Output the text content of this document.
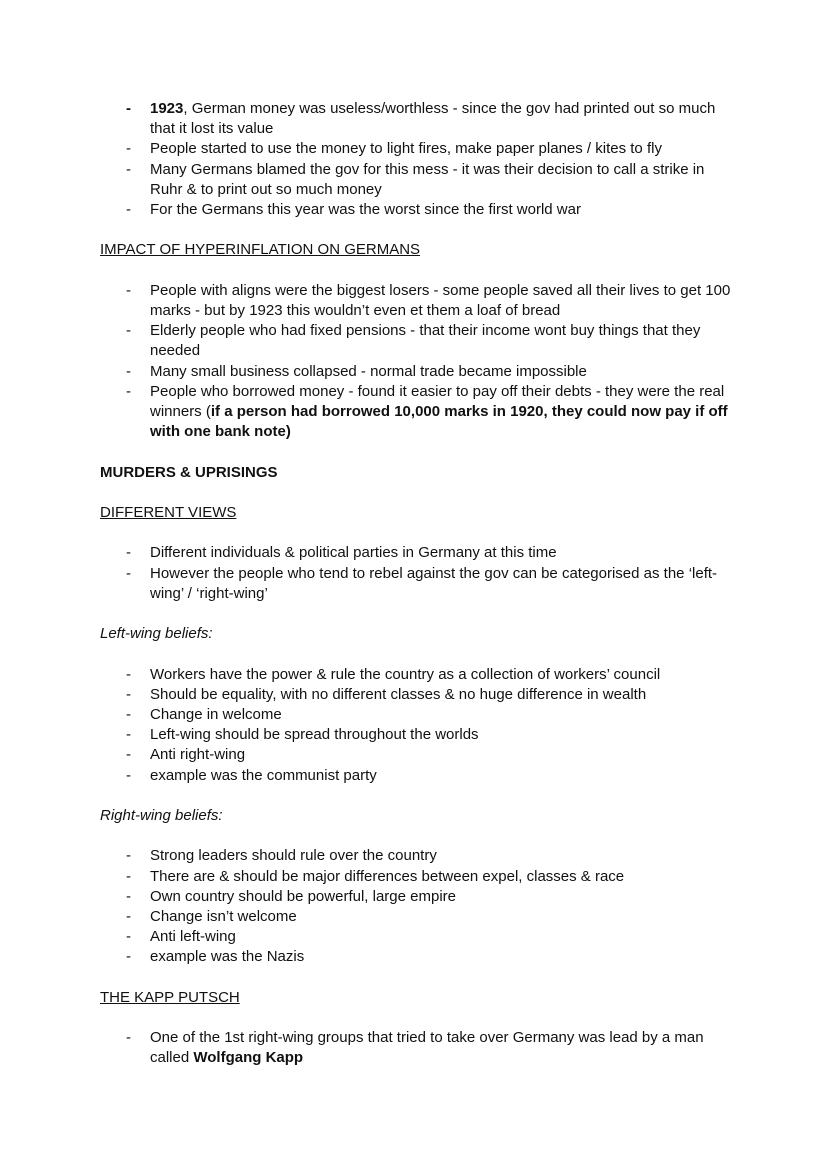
- 1923, German money was useless/worthless - since the gov had printed out so much that it lost its value
- People started to use the money to light fires, make paper planes / kites to fly
- Many Germans blamed the gov for this mess - it was their decision to call a strike in Ruhr & to print out so much money
- For the Germans this year was the worst since the first world war
IMPACT OF HYPERINFLATION ON GERMANS
- People with aligns were the biggest losers - some people saved all their lives to get 100 marks - but by 1923 this wouldn’t even et them a loaf of bread
- Elderly people who had fixed pensions - that their income wont buy things that they needed
- Many small business collapsed - normal trade became impossible
- People who borrowed money - found it easier to pay off their debts - they were the real winners (if a person had borrowed 10,000 marks in 1920, they could now pay if off with one bank note)
MURDERS & UPRISINGS
DIFFERENT VIEWS
- Different individuals & political parties in Germany at this time
- However the people who tend to rebel against the gov can be categorised as the ‘left-wing’ / ‘right-wing’
Left-wing beliefs:
- Workers have the power & rule the country as a collection of workers’ council
- Should be equality, with no different classes & no huge difference in wealth
- Change in welcome
- Left-wing should be spread throughout the worlds
- Anti right-wing
- example was the communist party
Right-wing beliefs:
- Strong leaders should rule over the country
- There are & should be major differences between expel, classes & race
- Own country should be powerful, large empire
- Change isn’t welcome
- Anti left-wing
- example was the Nazis
THE KAPP PUTSCH
- One of the 1st right-wing groups that tried to take over Germany was lead by a man called Wolfgang Kapp
